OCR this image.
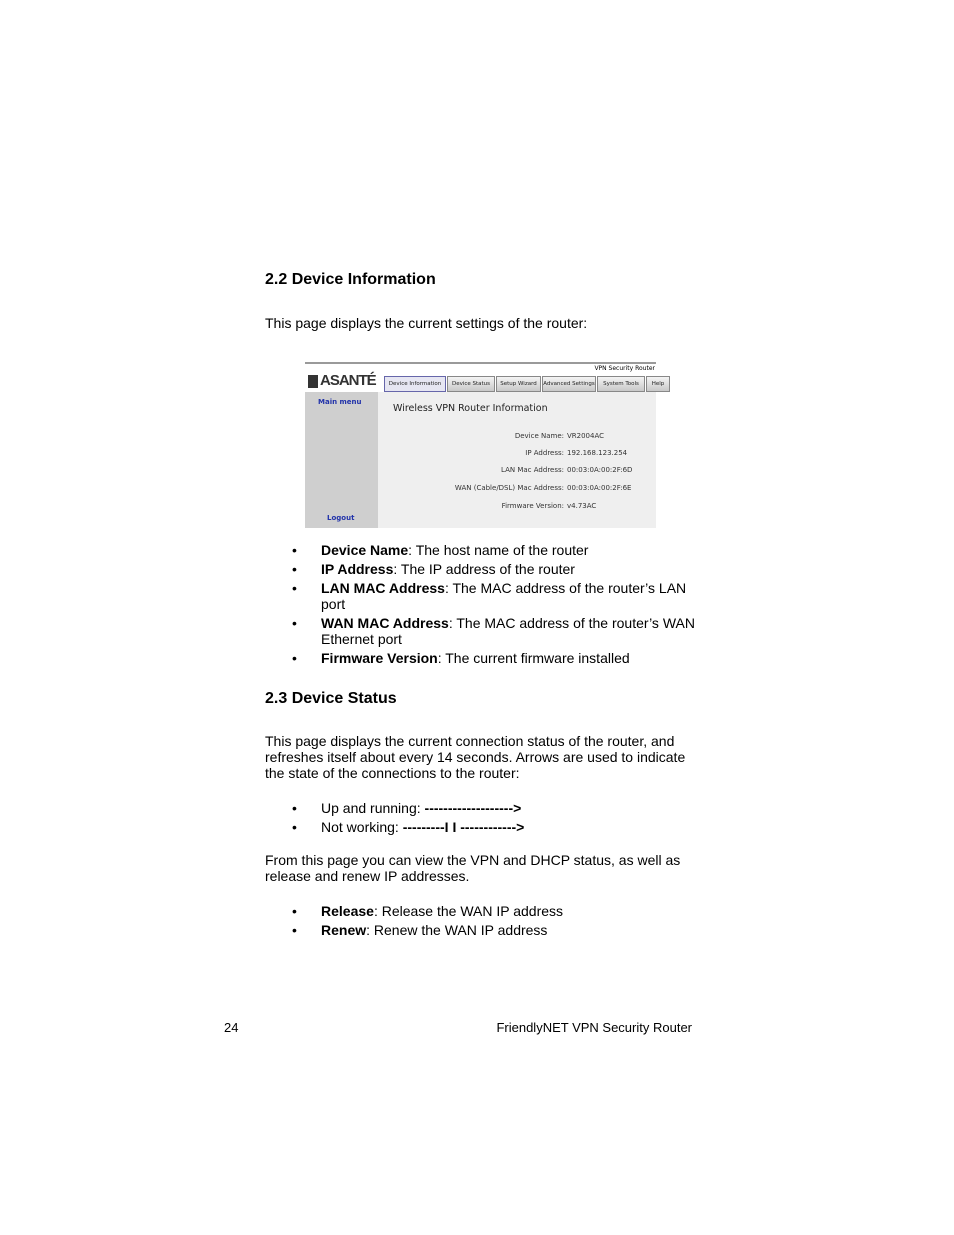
2.2 Device Information
This page displays the current settings of the router:
VPN Security Router
ASANTÉ	Device Information	Device Status	Setup Wizard	Advanced Settings	System Tools	Help
Main menu
Logout
Wireless VPN Router Information
Device Name: VR2004AC
IP Address: 192.168.123.254
LAN Mac Address: 00:03:0A:00:2F:6D
WAN (Cable/DSL) Mac Address: 00:03:0A:00:2F:6E
Firmware Version: v4.73AC
• Device Name: The host name of the router
• IP Address: The IP address of the router
• LAN MAC Address: The MAC address of the router’s LAN port
• WAN MAC Address: The MAC address of the router’s WAN Ethernet port
• Firmware Version: The current firmware installed
2.3 Device Status
This page displays the current connection status of the router, and refreshes itself about every 14 seconds. Arrows are used to indicate the state of the connections to the router:
• Up and running: ------------------->
• Not working: ---------I I ------------>
From this page you can view the VPN and DHCP status, as well as release and renew IP addresses.
• Release: Release the WAN IP address
• Renew: Renew the WAN IP address
24	FriendlyNET VPN Security Router
